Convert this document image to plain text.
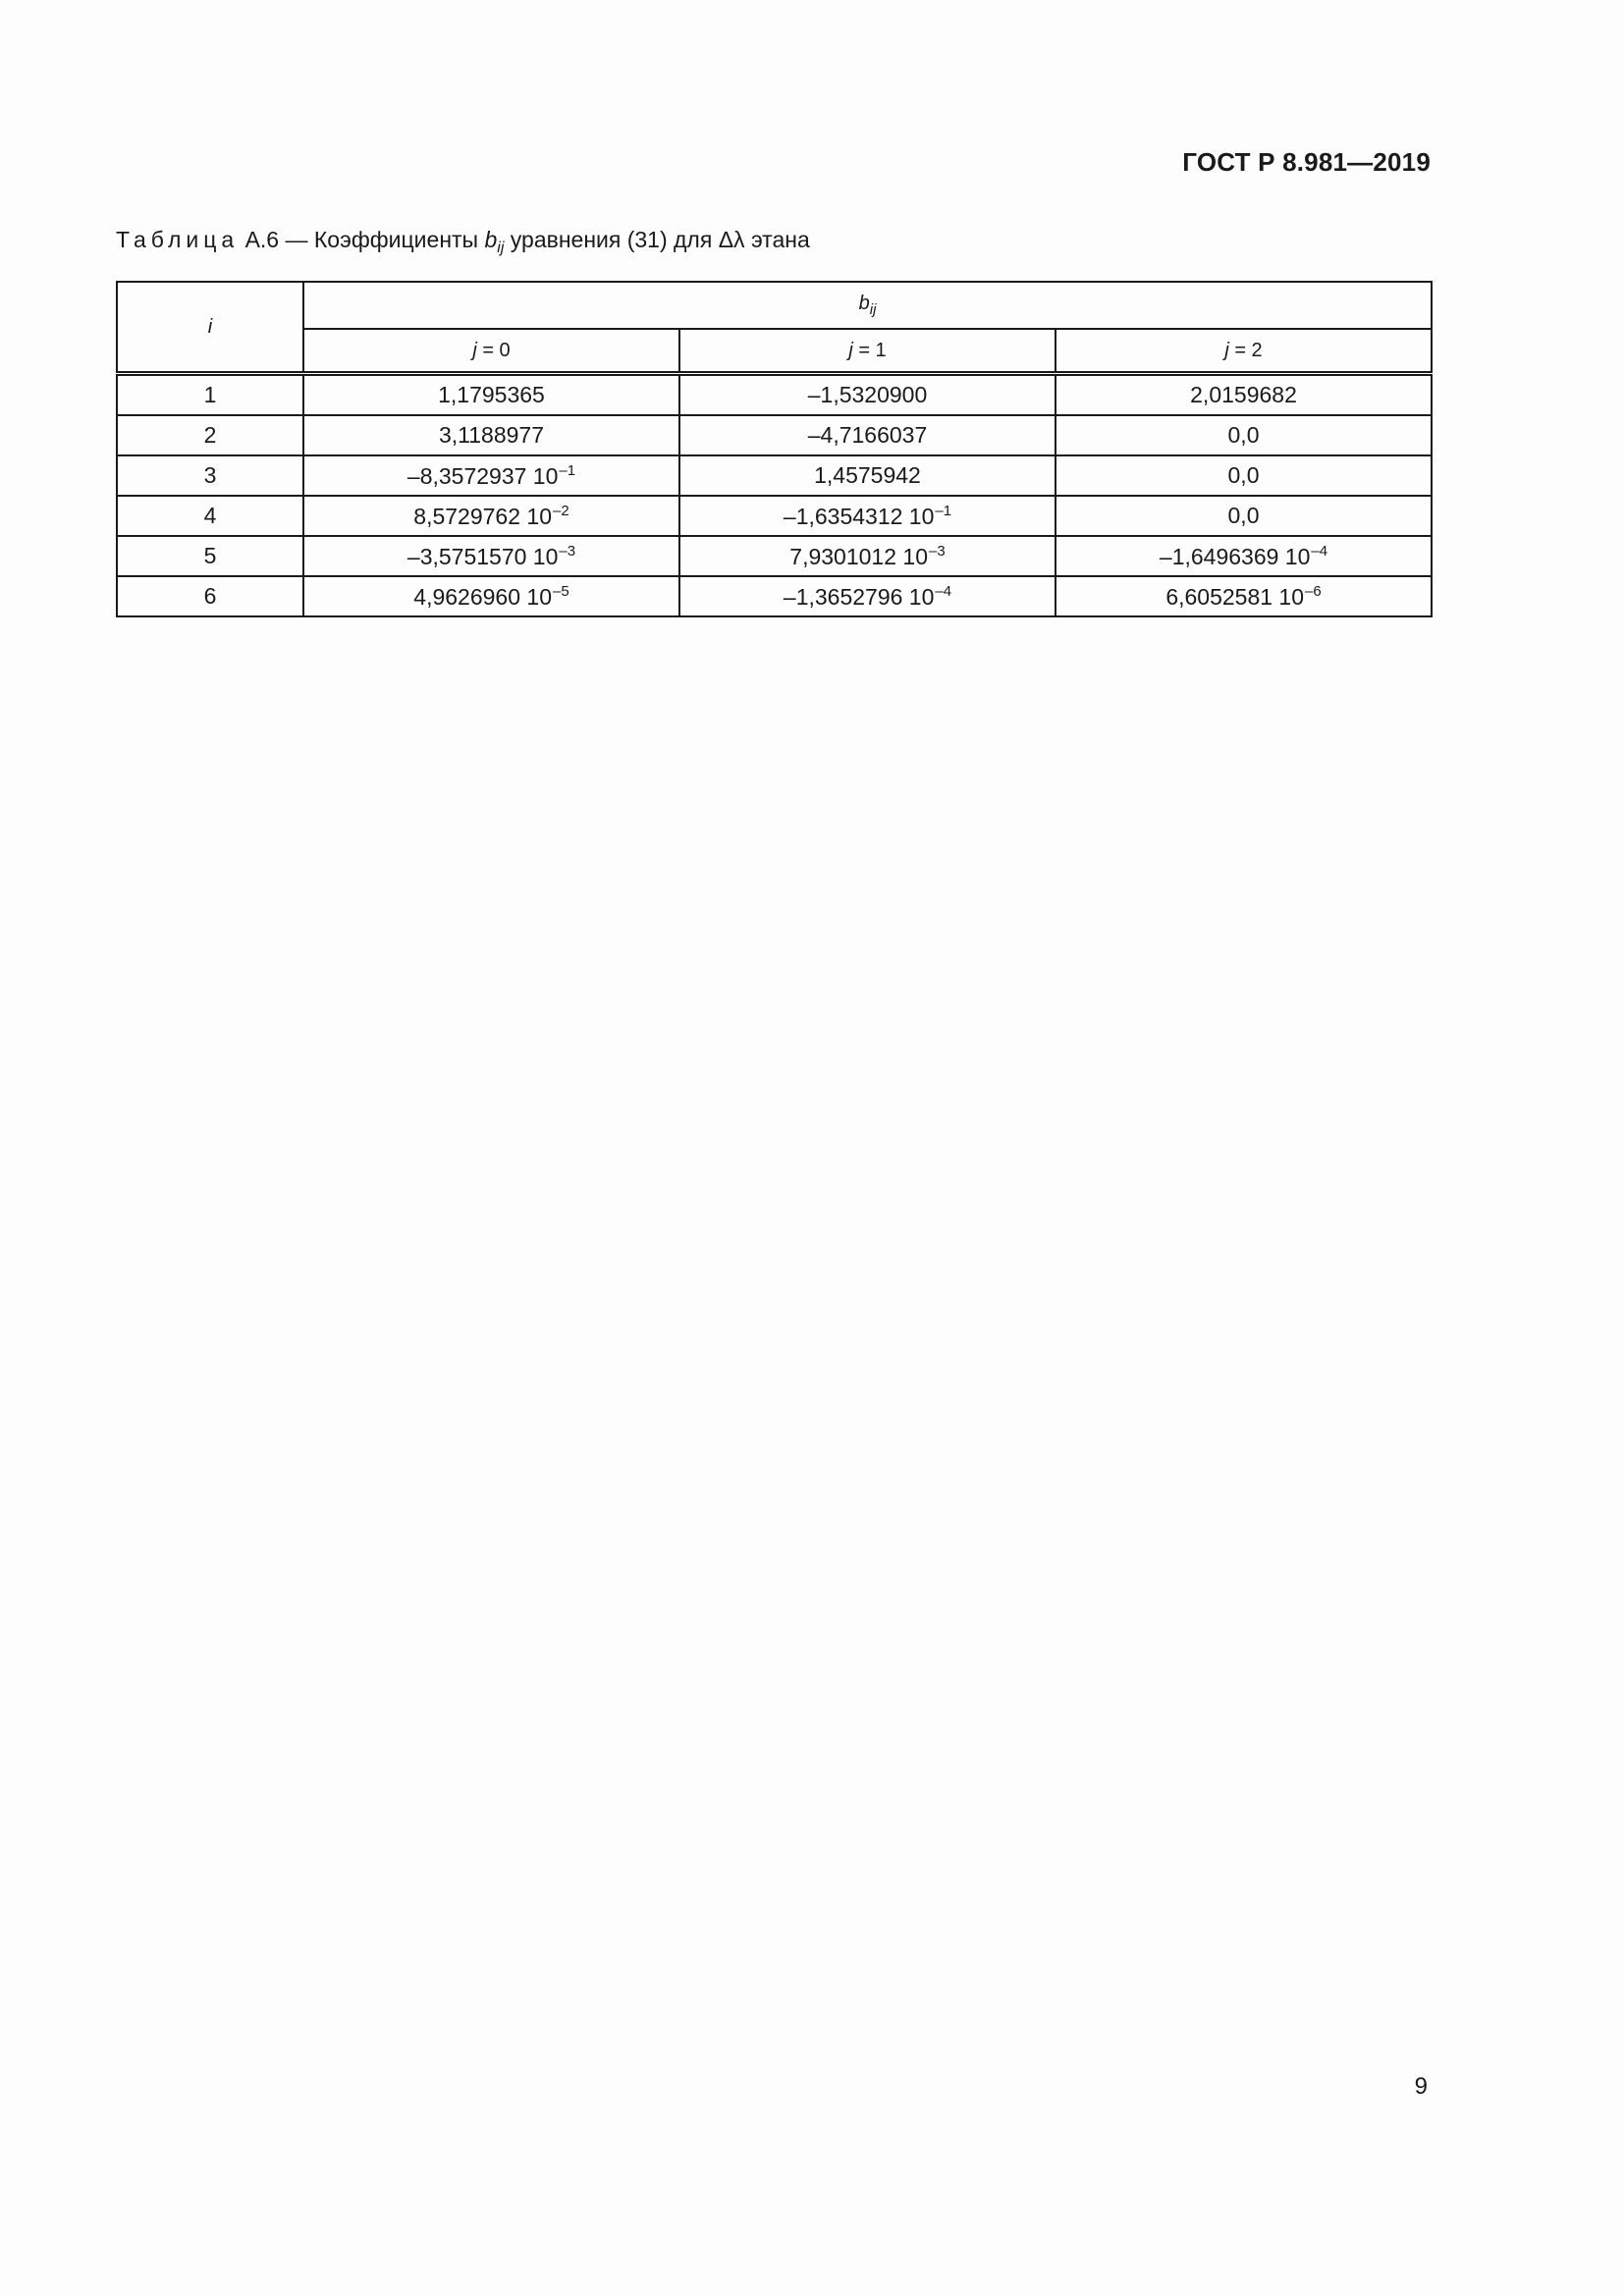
ГОСТ Р 8.981—2019
Таблица А.6 — Коэффициенты $b_{ij}$ уравнения (31) для Δλ этана
i	$b_{ij}$
	j = 0	j = 1	j = 2
1	1,1795365	–1,5320900	2,0159682
2	3,1188977	–4,7166037	0,0
3	–8,3572937 $10^{-1}$	1,4575942	0,0
4	8,5729762 $10^{-2}$	–1,6354312 $10^{-1}$	0,0
5	–3,5751570 $10^{-3}$	7,9301012 $10^{-3}$	–1,6496369 $10^{-4}$
6	4,9626960 $10^{-5}$	–1,3652796 $10^{-4}$	6,6052581 $10^{-6}$
9
